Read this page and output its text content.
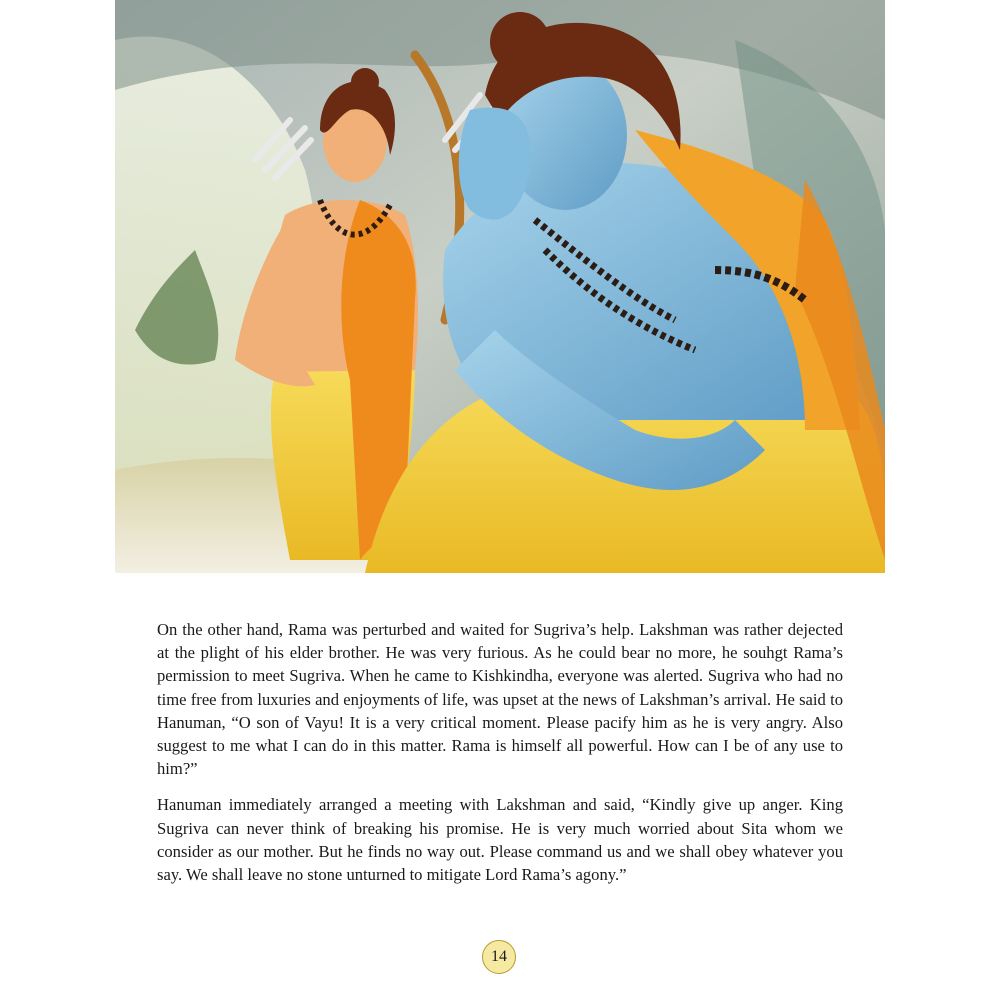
On the other hand, Rama was perturbed and waited for Sugriva’s help. Lakshman was rather dejected at the plight of his elder brother. He was very furious. As he could bear no more, he souhgt Rama’s permission to meet Sugriva. When he came to Kishkindha, everyone was alerted. Sugriva who had no time free from luxuries and enjoyments of life, was upset at the news of Lakshman’s arrival. He said to Hanuman, “O son of Vayu! It is a very critical moment. Please pacify him as he is very angry. Also suggest to me what I can do in this matter. Rama is himself all powerful. How can I be of any use to him?”

Hanuman immediately arranged a meeting with Lakshman and said, “Kindly give up anger. King Sugriva can never think of breaking his promise. He is very much worried about Sita whom we consider as our mother. But he finds no way out. Please command us and we shall obey whatever you say. We shall leave no stone unturned to mitigate Lord Rama’s agony.”

14
